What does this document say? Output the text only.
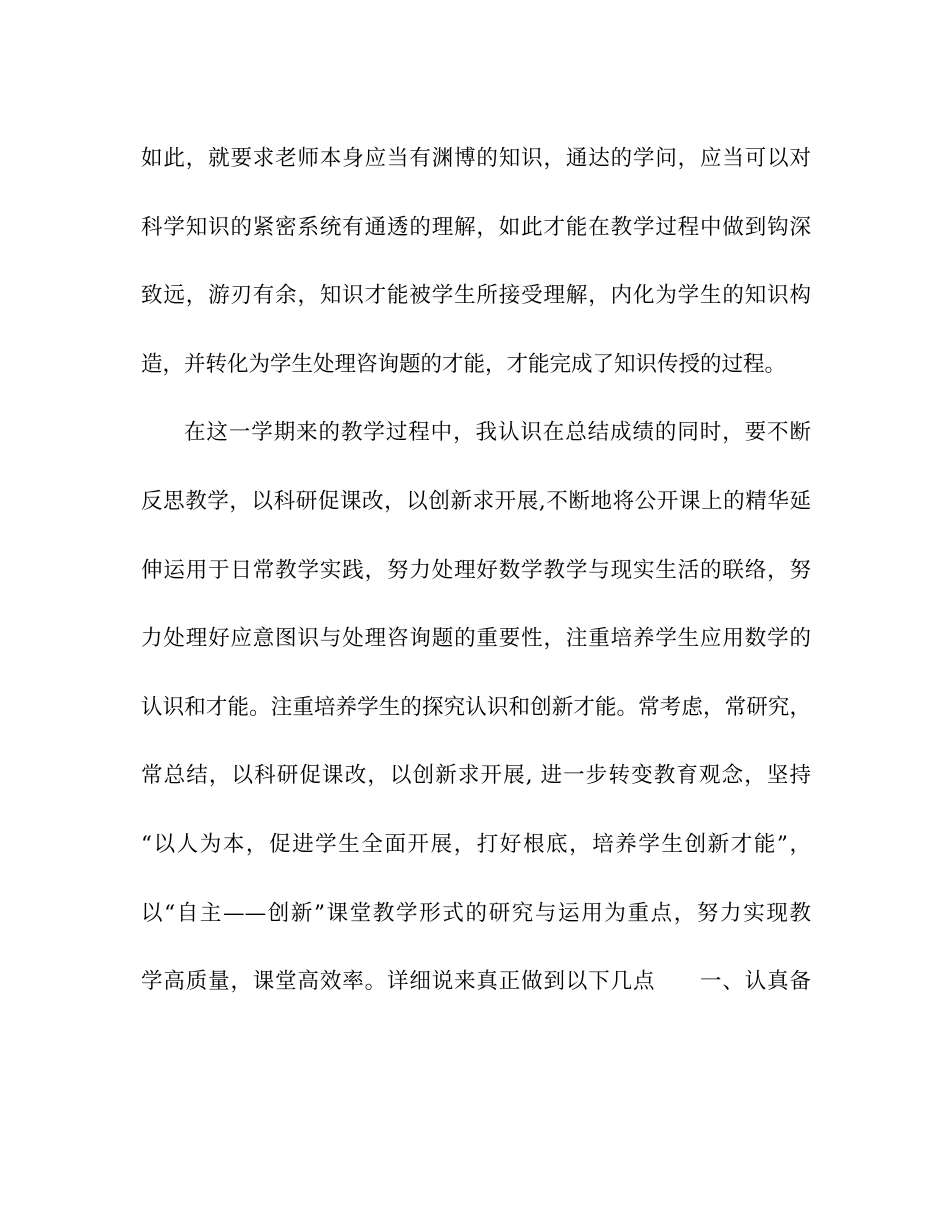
如此，就要求老师本身应当有渊博的知识，通达的学问，应当可以对
科学知识的紧密系统有通透的理解，如此才能在教学过程中做到钩深
致远，游刃有余，知识才能被学生所接受理解，内化为学生的知识构
造，并转化为学生处理咨询题的才能，才能完成了知识传授的过程。
在这一学期来的教学过程中，我认识在总结成绩的同时，要不断
反思教学，以科研促课改，以创新求开展,不断地将公开课上的精华延
伸运用于日常教学实践，努力处理好数学教学与现实生活的联络，努
力处理好应意图识与处理咨询题的重要性，注重培养学生应用数学的
认识和才能。注重培养学生的探究认识和创新才能。常考虑，常研究，
常总结，以科研促课改，以创新求开展, 进一步转变教育观念，坚持
“以人为本，促进学生全面开展，打好根底，培养学生创新才能”，
以“自主——创新”课堂教学形式的研究与运用为重点，努力实现教
学高质量，课堂高效率。详细说来真正做到以下几点　　一、认真备
